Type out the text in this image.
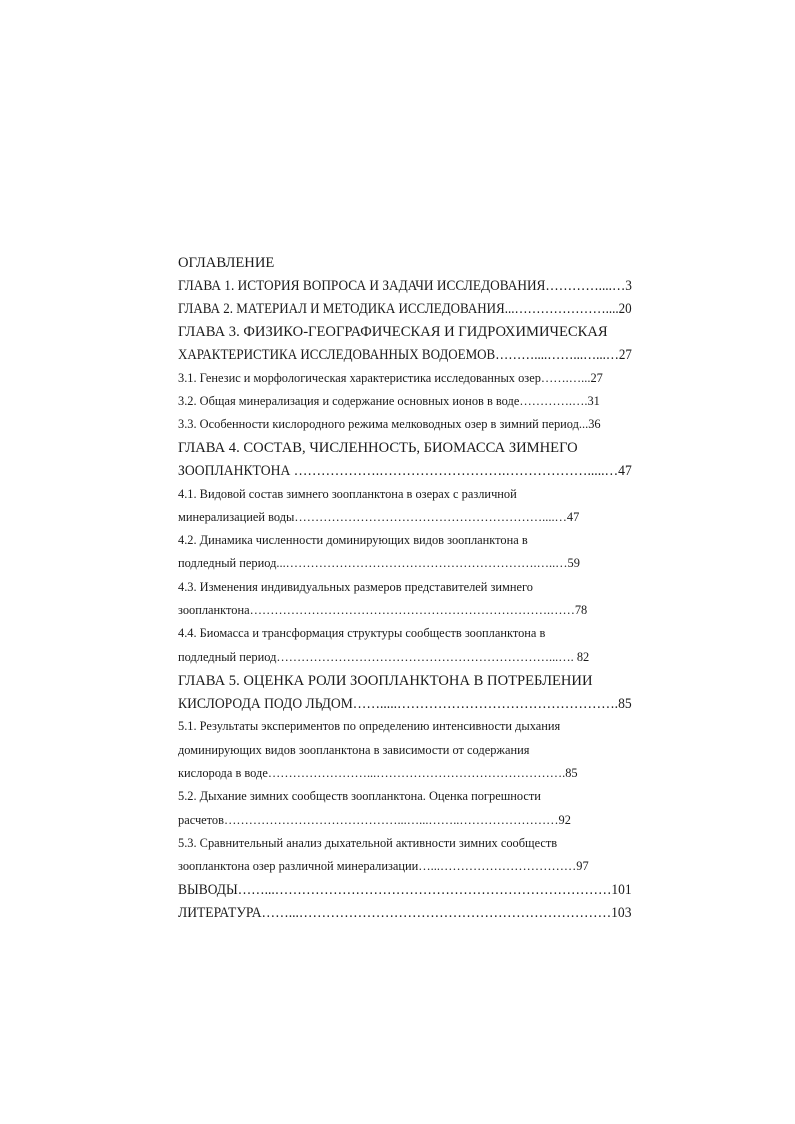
ОГЛАВЛЕНИЕ
ГЛАВА 1. ИСТОРИЯ ВОПРОСА И ЗАДАЧИ ИССЛЕДОВАНИЯ…………....…3
ГЛАВА 2. МАТЕРИАЛ И МЕТОДИКА ИССЛЕДОВАНИЯ...…………………....20
ГЛАВА 3. ФИЗИКО-ГЕОГРАФИЧЕСКАЯ И ГИДРОХИМИЧЕСКАЯ
ХАРАКТЕРИСТИКА ИССЛЕДОВАННЫХ ВОДОЕМОВ………....……...…...…27
3.1. Генезис и морфологическая характеристика исследованных озер…….…...27
3.2. Общая минерализация и содержание основных ионов в воде………….….31
3.3. Особенности кислородного режима мелководных озер в зимний период...36
ГЛАВА 4. СОСТАВ, ЧИСЛЕННОСТЬ, БИОМАССА ЗИМНЕГО
ЗООПЛАНКТОНА ……………….……………………….……………….....…47
4.1. Видовой состав зимнего зоопланктона в озерах с различной
минерализацией воды……………………………………………………....…47
4.2. Динамика численности доминирующих видов зоопланктона в
подледный период...…………………………………………………….…..…59
4.3. Изменения индивидуальных размеров представителей зимнего
зоопланктона……………………………………………………………….……78
4.4. Биомасса и трансформация структуры сообществ зоопланктона в
подледный период…………………………………………………………...…. 82
ГЛАВА 5. ОЦЕНКА РОЛИ ЗООПЛАНКТОНА В ПОТРЕБЛЕНИИ
КИСЛОРОДА ПОДО ЛЬДОМ…….....………………………………………….85
5.1. Результаты экспериментов по определению интенсивности дыхания
доминирующих видов зоопланктона в зависимости от содержания
кислорода в воде……………………...……………………………………….85
5.2. Дыхание зимних сообществ зоопланктона. Оценка погрешности
расчетов……………………………………...…...……..……………………92
5.3. Сравнительный анализ дыхательной активности зимних сообществ
зоопланктона озер различной минерализации…...……………………………97
ВЫВОДЫ……...…………………………………………………………………101
ЛИТЕРАТУРА……...……………………………………………………………103
